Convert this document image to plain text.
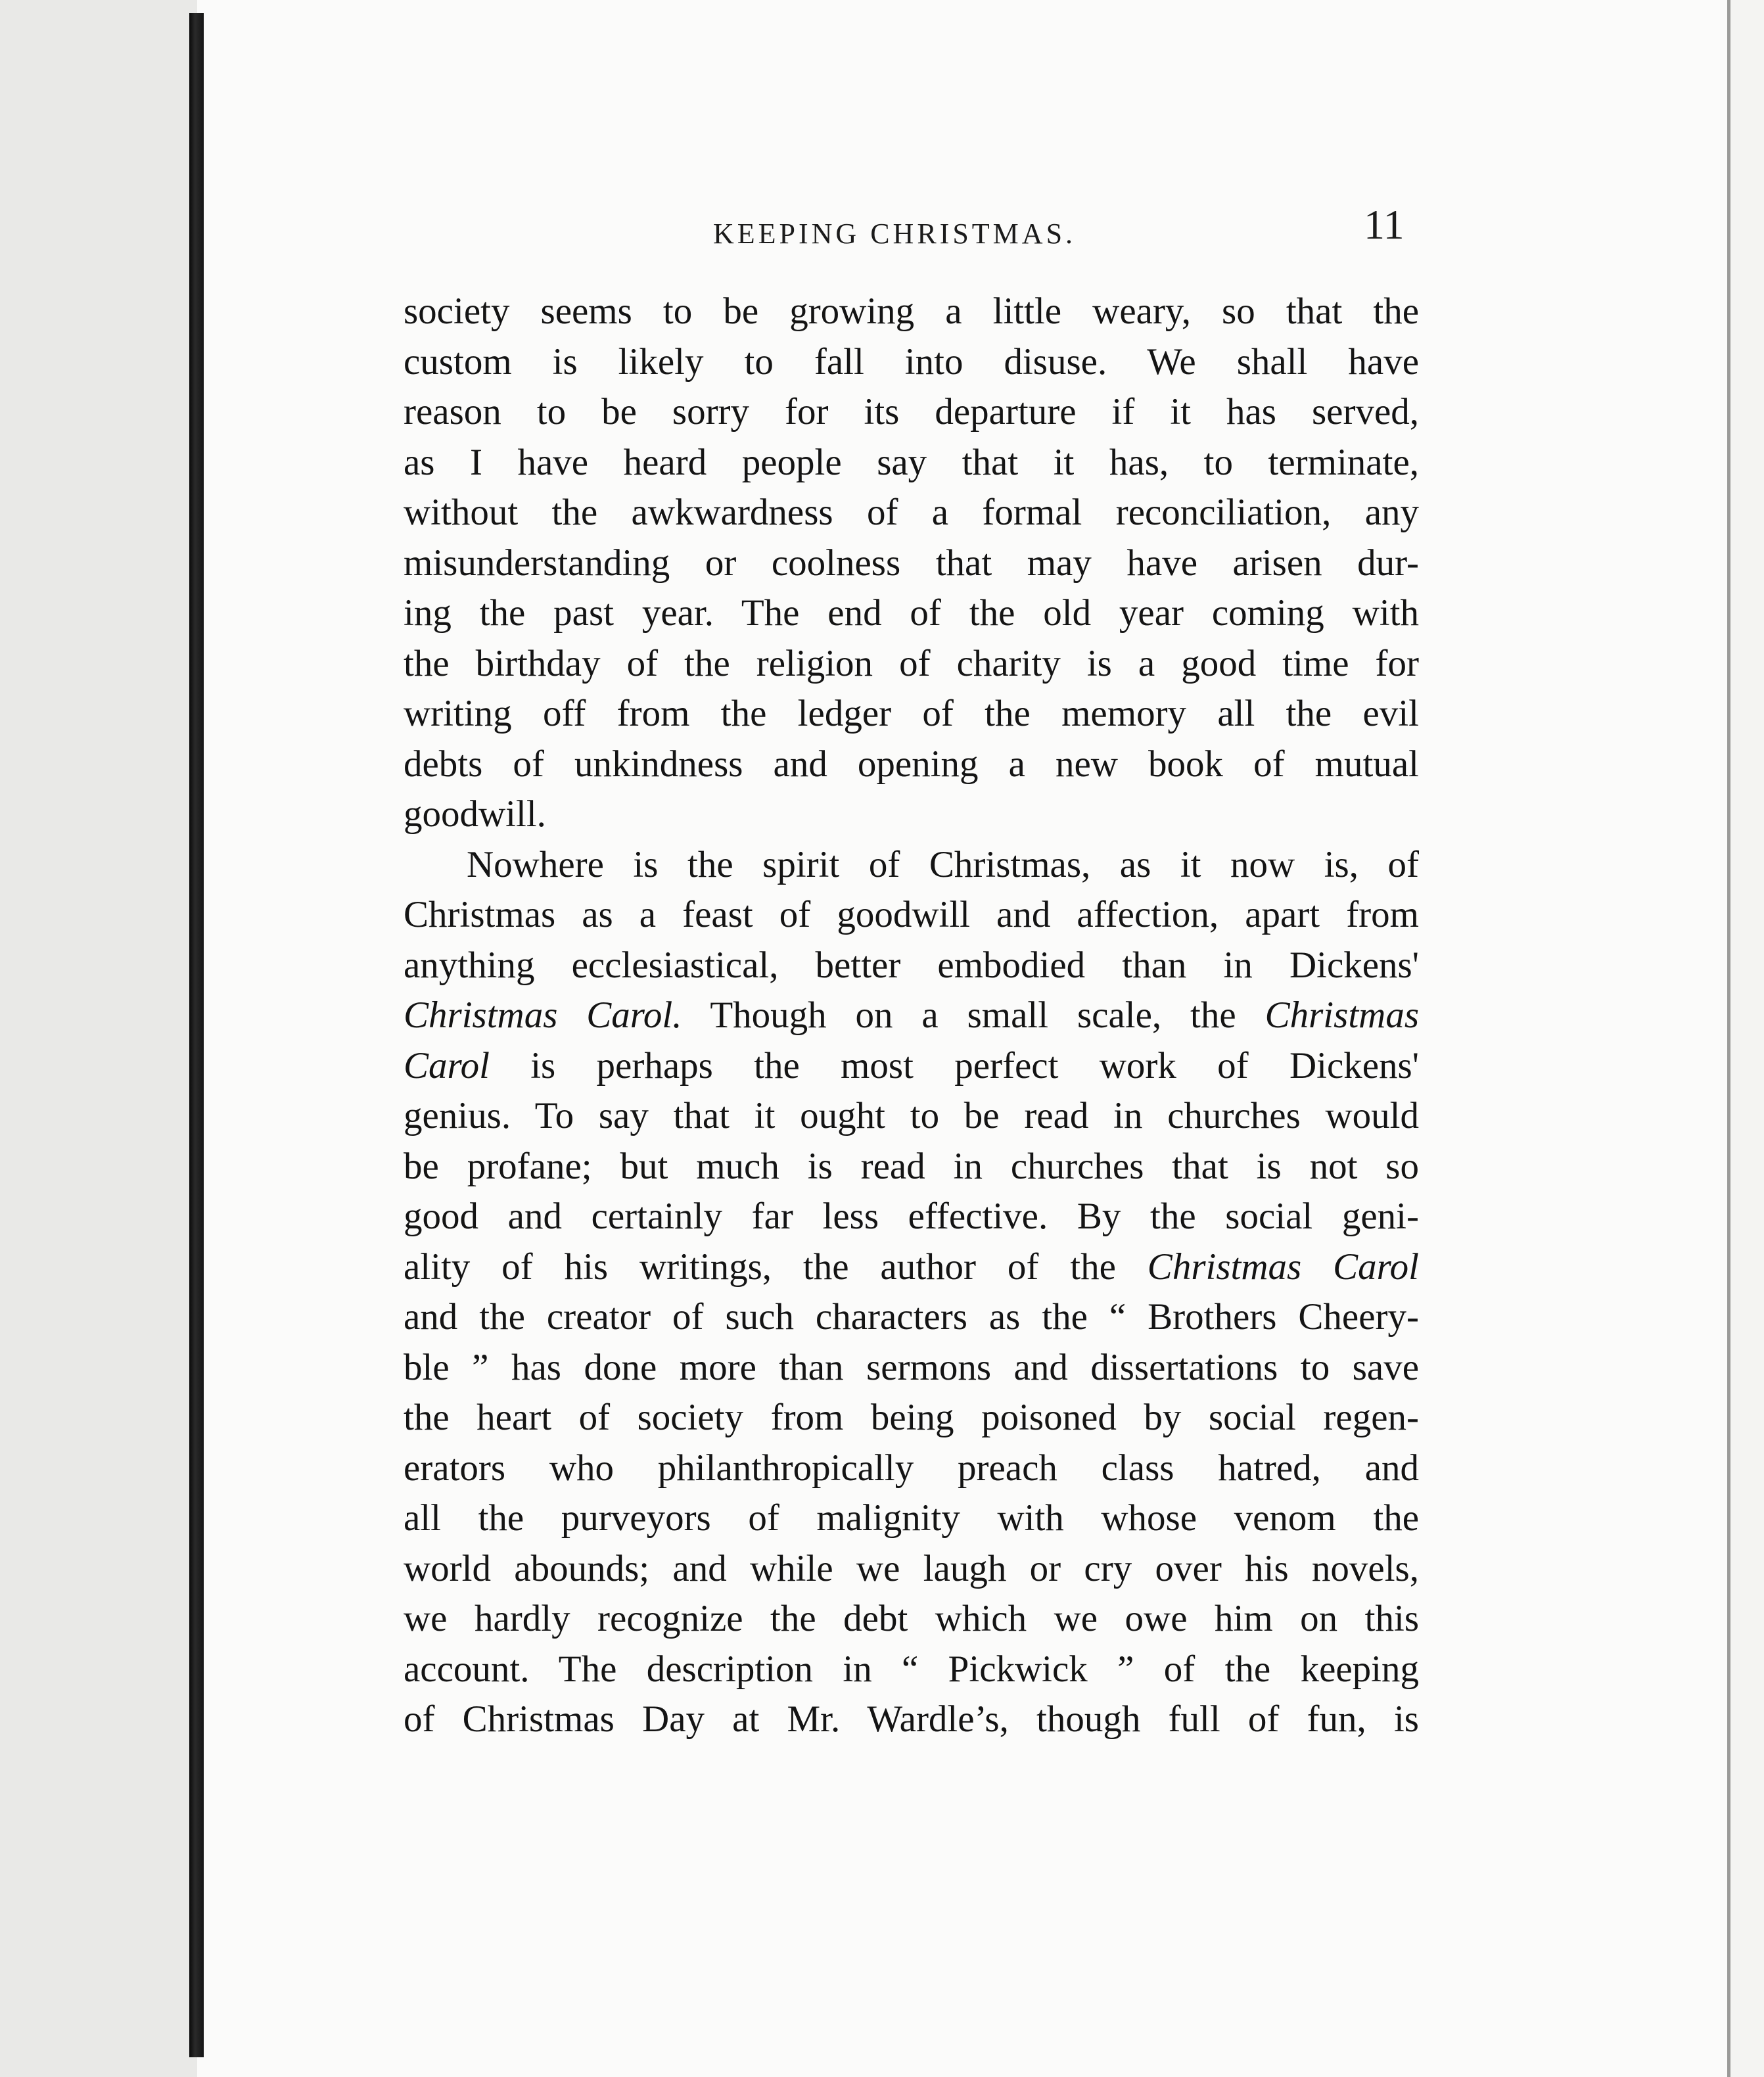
KEEPING CHRISTMAS.	11
society seems to be growing a little weary, so that the
custom is likely to fall into disuse. We shall have
reason to be sorry for its departure if it has served,
as I have heard people say that it has, to terminate,
without the awkwardness of a formal reconciliation, any
misunderstanding or coolness that may have arisen dur-
ing the past year. The end of the old year coming with
the birthday of the religion of charity is a good time for
writing off from the ledger of the memory all the evil
debts of unkindness and opening a new book of mutual
goodwill.
Nowhere is the spirit of Christmas, as it now is, of
Christmas as a feast of goodwill and affection, apart from
anything ecclesiastical, better embodied than in Dickens'
Christmas Carol. Though on a small scale, the Christmas
Carol is perhaps the most perfect work of Dickens'
genius. To say that it ought to be read in churches would
be profane; but much is read in churches that is not so
good and certainly far less effective. By the social geni-
ality of his writings, the author of the Christmas Carol
and the creator of such characters as the “ Brothers Cheery-
ble ” has done more than sermons and dissertations to save
the heart of society from being poisoned by social regen-
erators who philanthropically preach class hatred, and
all the purveyors of malignity with whose venom the
world abounds; and while we laugh or cry over his novels,
we hardly recognize the debt which we owe him on this
account. The description in “ Pickwick ” of the keeping
of Christmas Day at Mr. Wardle’s, though full of fun, is
